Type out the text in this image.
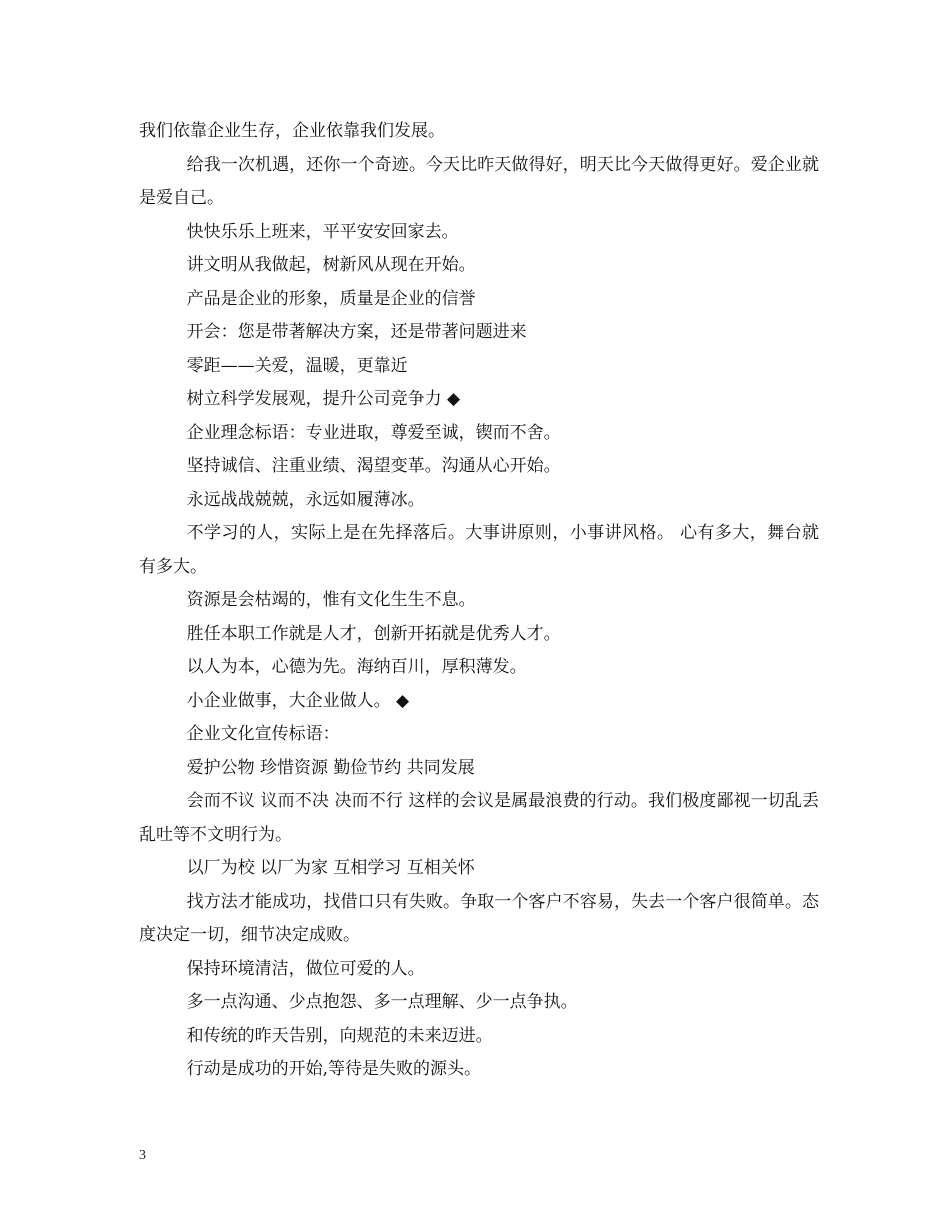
我们依靠企业生存，企业依靠我们发展。

给我一次机遇，还你一个奇迹。今天比昨天做得好，明天比今天做得更好。爱企业就是爱自己。

快快乐乐上班来，平平安安回家去。

讲文明从我做起，树新风从现在开始。

产品是企业的形象，质量是企业的信誉

开会：您是带著解决方案，还是带著问题进来

零距——关爱，温暖，更靠近

树立科学发展观，提升公司竞争力 ◆

企业理念标语：专业进取，尊爱至诚，锲而不舍。

坚持诚信、注重业绩、渴望变革。沟通从心开始。

永远战战兢兢，永远如履薄冰。

不学习的人，实际上是在先择落后。大事讲原则，小事讲风格。 心有多大，舞台就有多大。

资源是会枯竭的，惟有文化生生不息。

胜任本职工作就是人才，创新开拓就是优秀人才。

以人为本，心德为先。海纳百川，厚积薄发。

小企业做事，大企业做人。 ◆

企业文化宣传标语：

爱护公物 珍惜资源 勤俭节约 共同发展

会而不议 议而不决 决而不行 这样的会议是属最浪费的行动。我们极度鄙视一切乱丢乱吐等不文明行为。

以厂为校 以厂为家 互相学习 互相关怀

找方法才能成功，找借口只有失败。争取一个客户不容易，失去一个客户很简单。态度决定一切，细节决定成败。

保持环境清洁，做位可爱的人。

多一点沟通、少点抱怨、多一点理解、少一点争执。

和传统的昨天告别，向规范的未来迈进。

行动是成功的开始,等待是失败的源头。

3
